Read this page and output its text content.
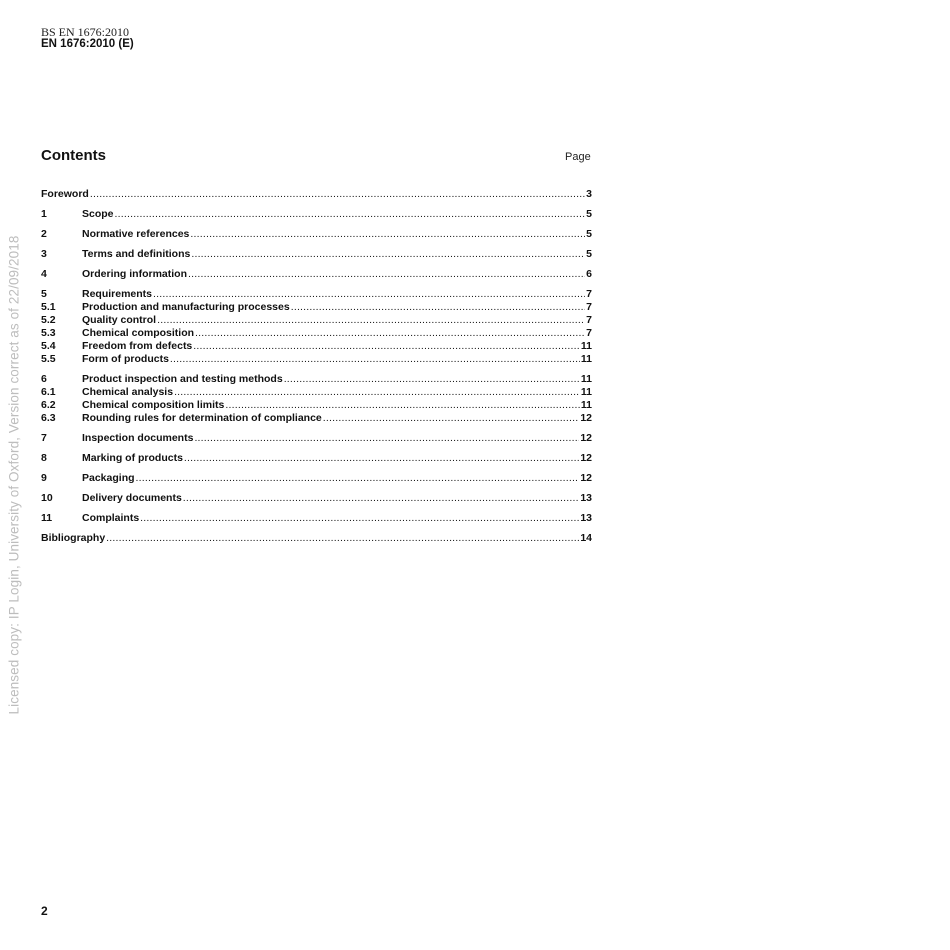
BS EN 1676:2010
EN 1676:2010 (E)
Licensed copy: IP Login, University of Oxford, Version correct as of 22/09/2018
Contents	Page
Foreword .....	3
1	Scope .....	5
2	Normative references .....	5
3	Terms and definitions .....	5
4	Ordering information .....	6
5	Requirements .....	7
5.1	Production and manufacturing processes .....	7
5.2	Quality control .....	7
5.3	Chemical composition .....	7
5.4	Freedom from defects .....	11
5.5	Form of products .....	11
6	Product inspection and testing methods .....	11
6.1	Chemical analysis .....	11
6.2	Chemical composition limits .....	11
6.3	Rounding rules for determination of compliance .....	12
7	Inspection documents .....	12
8	Marking of products .....	12
9	Packaging .....	12
10	Delivery documents .....	13
11	Complaints .....	13
Bibliography .....	14
2
